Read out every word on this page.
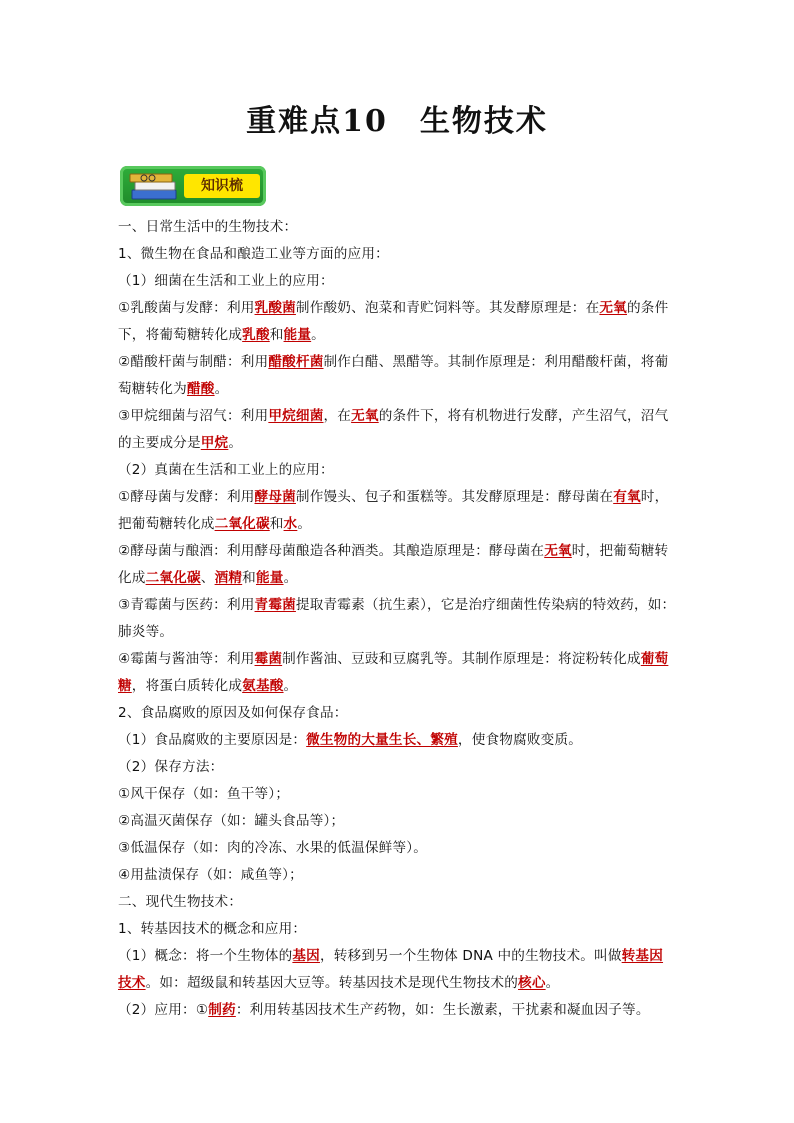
重难点10　生物技术
知识梳

一、日常生活中的生物技术：

1、微生物在食品和酿造工业等方面的应用：

（1）细菌在生活和工业上的应用：

①乳酸菌与发酵：利用乳酸菌制作酸奶、泡菜和青贮饲料等。其发酵原理是：在无氧的条件

下，将葡萄糖转化成乳酸和能量。

②醋酸杆菌与制醋：利用醋酸杆菌制作白醋、黑醋等。其制作原理是：利用醋酸杆菌，将葡

萄糖转化为醋酸。

③甲烷细菌与沼气：利用甲烷细菌，在无氧的条件下，将有机物进行发酵，产生沼气，沼气

的主要成分是甲烷。

（2）真菌在生活和工业上的应用：

①酵母菌与发酵：利用酵母菌制作馒头、包子和蛋糕等。其发酵原理是：酵母菌在有氧时，

把葡萄糖转化成二氧化碳和水。

②酵母菌与酿酒：利用酵母菌酿造各种酒类。其酿造原理是：酵母菌在无氧时，把葡萄糖转

化成二氧化碳、酒精和能量。

③青霉菌与医药：利用青霉菌提取青霉素（抗生素），它是治疗细菌性传染病的特效药，如：

肺炎等。

④霉菌与酱油等：利用霉菌制作酱油、豆豉和豆腐乳等。其制作原理是：将淀粉转化成葡萄

糖，将蛋白质转化成氨基酸。

2、食品腐败的原因及如何保存食品：

（1）食品腐败的主要原因是：微生物的大量生长、繁殖，使食物腐败变质。

（2）保存方法：

①风干保存（如：鱼干等）；

②高温灭菌保存（如：罐头食品等）；

③低温保存（如：肉的冷冻、水果的低温保鲜等）。

④用盐渍保存（如：咸鱼等）；

二、现代生物技术：

1、转基因技术的概念和应用：

（1）概念：将一个生物体的基因，转移到另一个生物体 DNA 中的生物技术。叫做转基因

技术。如：超级鼠和转基因大豆等。转基因技术是现代生物技术的核心。

（2）应用：①制药：利用转基因技术生产药物，如：生长激素，干扰素和凝血因子等。
